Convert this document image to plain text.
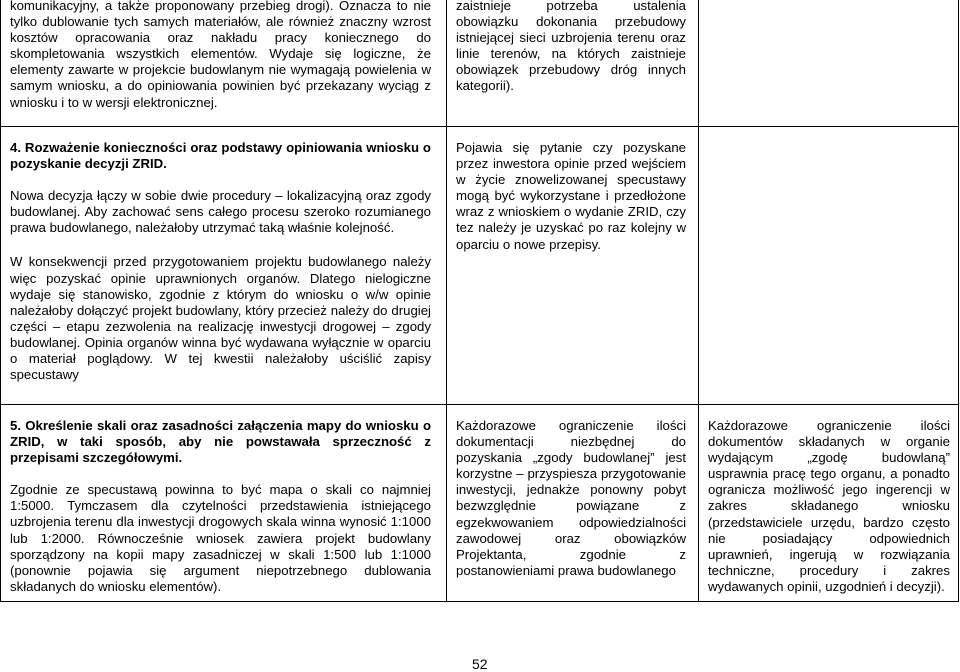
komunikacyjny, a także proponowany przebieg drogi). Oznacza to nie tylko dublowanie tych samych materiałów, ale również znaczny wzrost kosztów opracowania oraz nakładu pracy koniecznego do skompletowania wszystkich elementów. Wydaje się logiczne, że elementy zawarte w projekcie budowlanym nie wymagają powielenia w samym wniosku, a do opiniowania powinien być przekazany wyciąg z wniosku i to w wersji elektronicznej.

zaistnieje potrzeba ustalenia obowiązku dokonania przebudowy istniejącej sieci uzbrojenia terenu oraz linie terenów, na których zaistnieje obowiązek przebudowy dróg innych kategorii).

4. Rozważenie konieczności oraz podstawy opiniowania wniosku o pozyskanie decyzji ZRID.

Nowa decyzja łączy w sobie dwie procedury – lokalizacyjną oraz zgody budowlanej. Aby zachować sens całego procesu szeroko rozumianego prawa budowlanego, należałoby utrzymać taką właśnie kolejność.

W konsekwencji przed przygotowaniem projektu budowlanego należy więc pozyskać opinie uprawnionych organów. Dlatego nielogiczne wydaje się stanowisko, zgodnie z którym do wniosku o w/w opinie należałoby dołączyć projekt budowlany, który przecież należy do drugiej części – etapu zezwolenia na realizację inwestycji drogowej – zgody budowlanej. Opinia organów winna być wydawana wyłącznie w oparciu o materiał poglądowy. W tej kwestii należałoby uściślić zapisy specustawy

Pojawia się pytanie czy pozyskane przez inwestora opinie przed wejściem w życie znowelizowanej specustawy mogą być wykorzystane i przedłożone wraz z wnioskiem o wydanie ZRID, czy tez należy je uzyskać po raz kolejny w oparciu o nowe przepisy.

5. Określenie skali oraz zasadności załączenia mapy do wniosku o ZRID, w taki sposób, aby nie powstawała sprzeczność z przepisami szczegółowymi.

Zgodnie ze specustawą powinna to być mapa o skali co najmniej 1:5000. Tymczasem dla czytelności przedstawienia istniejącego uzbrojenia terenu dla inwestycji drogowych skala winna wynosić 1:1000 lub 1:2000. Równocześnie wniosek zawiera projekt budowlany sporządzony na kopii mapy zasadniczej w skali 1:500 lub 1:1000 (ponownie pojawia się argument niepotrzebnego dublowania składanych do wniosku elementów).

Każdorazowe ograniczenie ilości dokumentacji niezbędnej do pozyskania „zgody budowlanej” jest korzystne – przyspiesza przygotowanie inwestycji, jednakże ponowny pobyt bezwzględnie powiązane z egzekwowaniem odpowiedzialności zawodowej oraz obowiązków Projektanta, zgodnie z postanowieniami prawa budowlanego

Każdorazowe ograniczenie ilości dokumentów składanych w organie wydającym „zgodę budowlaną” usprawnia pracę tego organu, a ponadto ogranicza możliwość jego ingerencji w zakres składanego wniosku (przedstawiciele urzędu, bardzo często nie posiadający odpowiednich uprawnień, ingerują w rozwiązania techniczne, procedury i zakres wydawanych opinii, uzgodnień i decyzji).

52
